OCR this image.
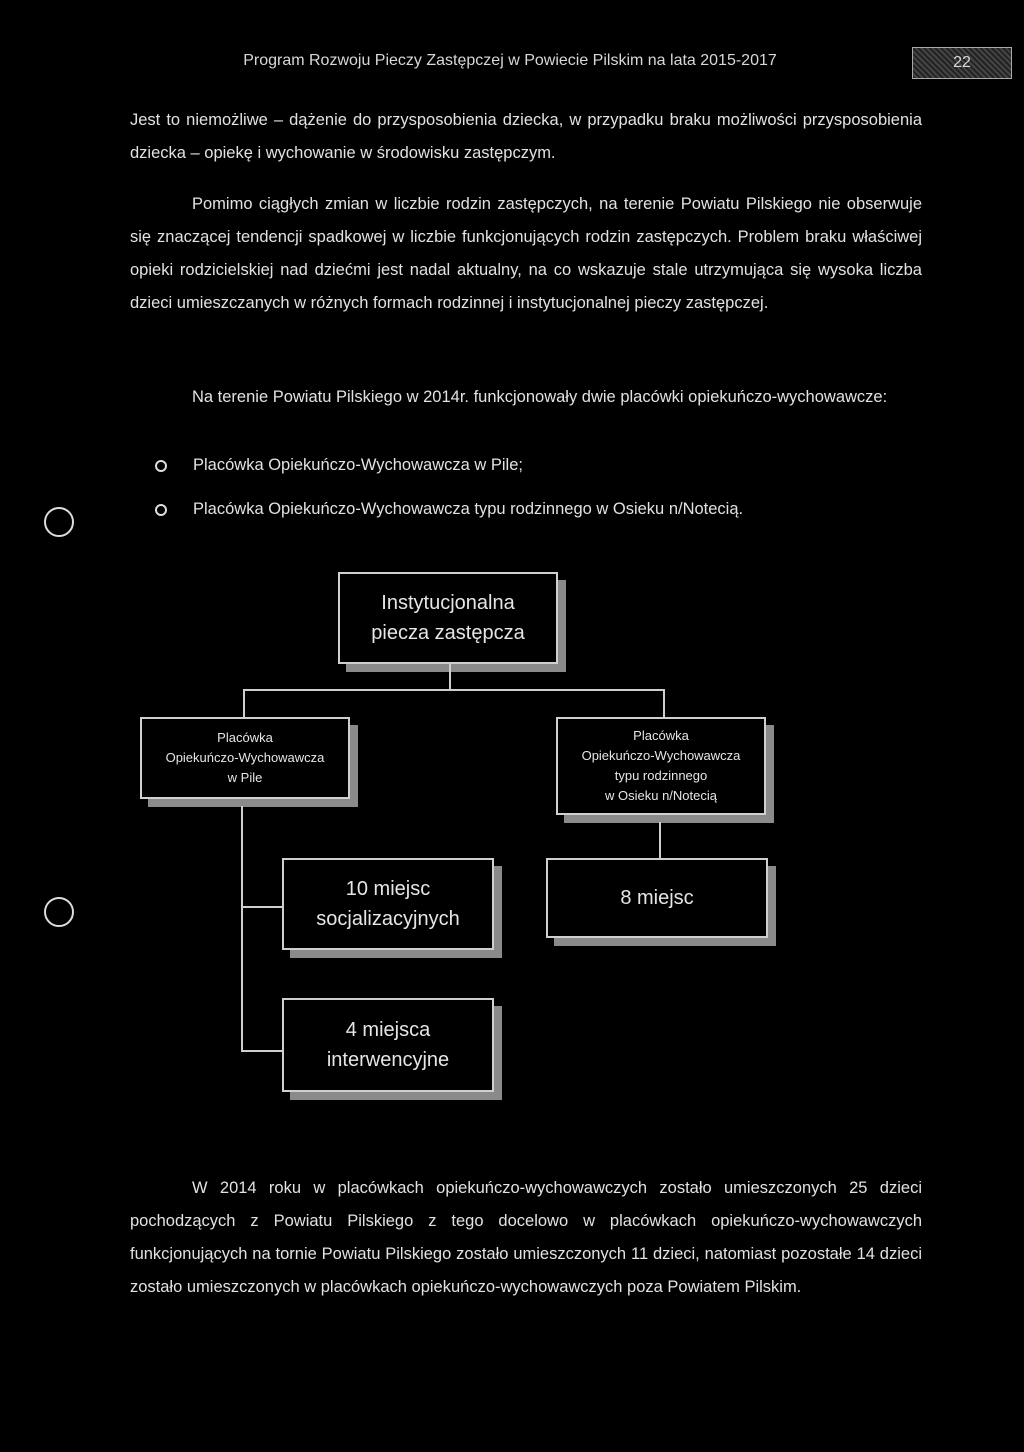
Program Rozwoju Pieczy Zastępczej w Powiecie Pilskim na lata 2015-2017	22

Jest to niemożliwe – dążenie do przysposobienia dziecka, w przypadku braku możliwości przysposobienia dziecka – opiekę i wychowanie w środowisku zastępczym.

Pomimo ciągłych zmian w liczbie rodzin zastępczych, na terenie Powiatu Pilskiego nie obserwuje się znaczącej tendencji spadkowej w liczbie funkcjonujących rodzin zastępczych. Problem braku właściwej opieki rodzicielskiej nad dziećmi jest nadal aktualny, na co wskazuje stale utrzymująca się wysoka liczba dzieci umieszczanych w różnych formach rodzinnej i instytucjonalnej pieczy zastępczej.

Na terenie Powiatu Pilskiego w 2014r. funkcjonowały dwie placówki opiekuńczo-wychowawcze:

Placówka Opiekuńczo-Wychowawcza w Pile;
Placówka Opiekuńczo-Wychowawcza typu rodzinnego w Osieku n/Notecią.
Instytucjonalna
piecza zastępcza
Placówka
Opiekuńczo-Wychowawcza
w Pile
Placówka
Opiekuńczo-Wychowawcza
typu rodzinnego
w Osieku n/Notecią
10 miejsc
socjalizacyjnych
8 miejsc
4 miejsca
interwencyjne

W 2014 roku w placówkach opiekuńczo-wychowawczych zostało umieszczonych 25 dzieci pochodzących z Powiatu Pilskiego z tego docelowo w placówkach opiekuńczo-wychowawczych funkcjonujących na tornie Powiatu Pilskiego zostało umieszczonych 11 dzieci, natomiast pozostałe 14 dzieci zostało umieszczonych w placówkach opiekuńczo-wychowawczych poza Powiatem Pilskim.
